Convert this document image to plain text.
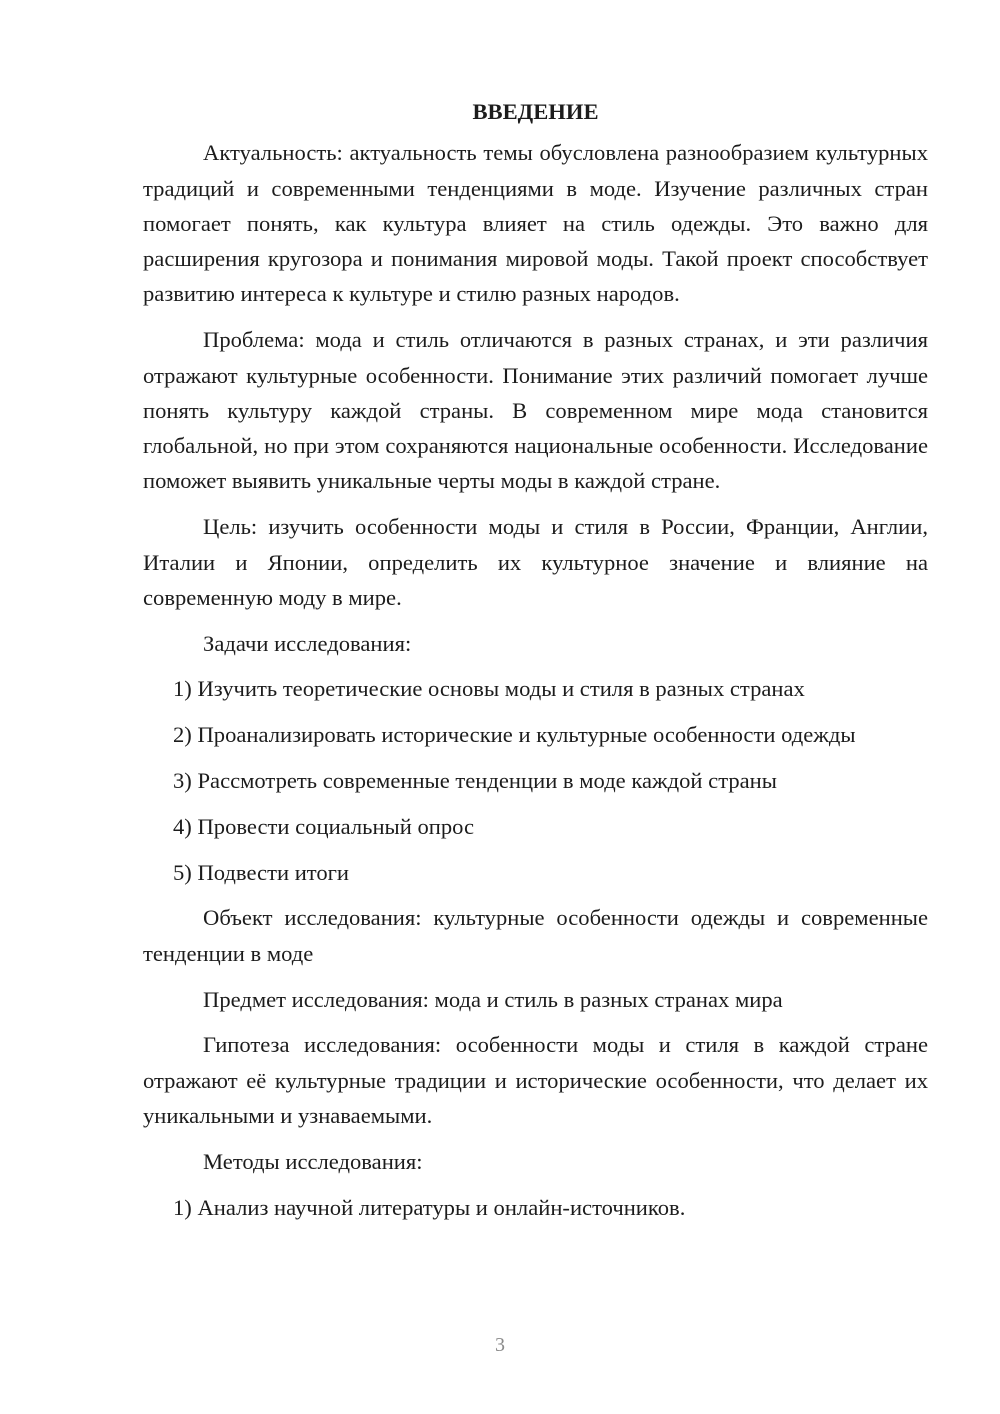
ВВЕДЕНИЕ

Актуальность: актуальность темы обусловлена разнообразием культурных традиций и современными тенденциями в моде. Изучение различных стран помогает понять, как культура влияет на стиль одежды. Это важно для расширения кругозора и понимания мировой моды. Такой проект способствует развитию интереса к культуре и стилю разных народов.

Проблема: мода и стиль отличаются в разных странах, и эти различия отражают культурные особенности. Понимание этих различий помогает лучше понять культуру каждой страны. В современном мире мода становится глобальной, но при этом сохраняются национальные особенности. Исследование поможет выявить уникальные черты моды в каждой стране.

Цель: изучить особенности моды и стиля в России, Франции, Англии, Италии и Японии, определить их культурное значение и влияние на современную моду в мире.

Задачи исследования:

1) Изучить теоретические основы моды и стиля в разных странах

2) Проанализировать исторические и культурные особенности одежды

3) Рассмотреть современные тенденции в моде каждой страны

4) Провести социальный опрос

5) Подвести итоги

Объект исследования: культурные особенности одежды и современные тенденции в моде

Предмет исследования: мода и стиль в разных странах мира

Гипотеза исследования: особенности моды и стиля в каждой стране отражают её культурные традиции и исторические особенности, что делает их уникальными и узнаваемыми.

Методы исследования:

1) Анализ научной литературы и онлайн-источников.

3
